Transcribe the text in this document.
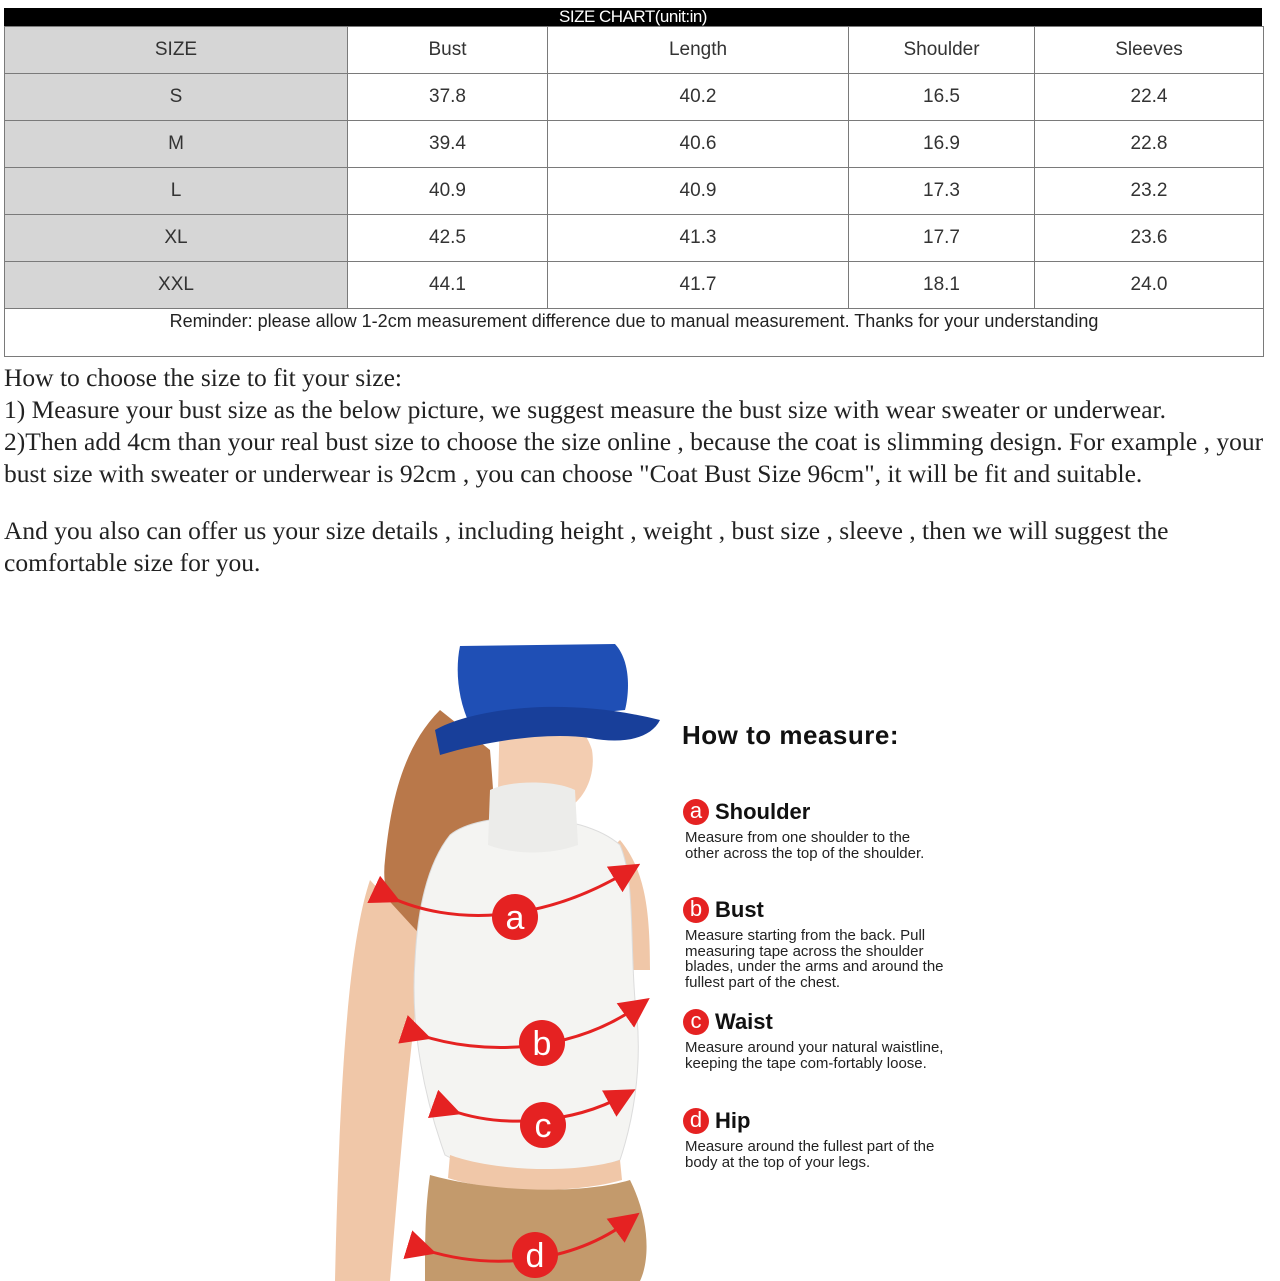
SIZE CHART(unit:in)
SIZE	Bust	Length	Shoulder	Sleeves
S	37.8	40.2	16.5	22.4
M	39.4	40.6	16.9	22.8
L	40.9	40.9	17.3	23.2
XL	42.5	41.3	17.7	23.6
XXL	44.1	41.7	18.1	24.0
Reminder: please allow 1-2cm measurement difference due to manual measurement. Thanks for your understanding				

How to choose the size to fit your size:

1) Measure your bust size as the below picture, we suggest measure the bust size with wear sweater or underwear.

2)Then add 4cm than your real bust size to choose the size online , because the coat is slimming design. For example , your bust size with sweater or underwear is 92cm , you can choose "Coat Bust Size 96cm", it will be fit and suitable.

And you also can offer us your size details , including height , weight , bust size , sleeve , then we will suggest the comfortable size for you.

a
b
c
d
How to measure:
a Shoulder
Measure from one shoulder to the other across the top of the shoulder.
b Bust
Measure starting from the back. Pull measuring tape across the shoulder blades, under the arms and around the fullest part of the chest.
c Waist
Measure around your natural waistline, keeping the tape com-fortably loose.
d Hip
Measure around the fullest part of the body at the top of your legs.
